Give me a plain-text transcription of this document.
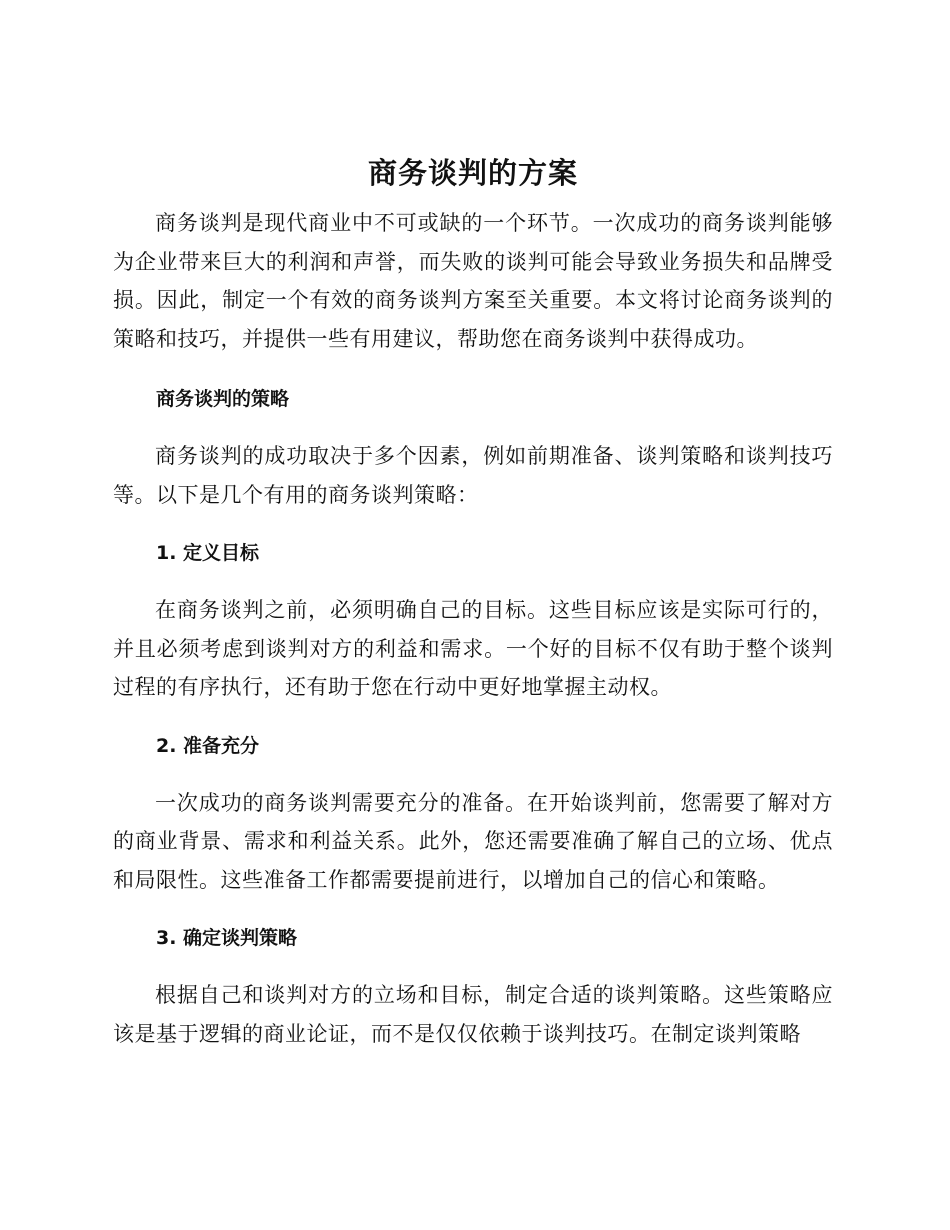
商务谈判的方案

商务谈判是现代商业中不可或缺的一个环节。一次成功的商务谈判能够为企业带来巨大的利润和声誉，而失败的谈判可能会导致业务损失和品牌受损。因此，制定一个有效的商务谈判方案至关重要。本文将讨论商务谈判的策略和技巧，并提供一些有用建议，帮助您在商务谈判中获得成功。

商务谈判的策略

商务谈判的成功取决于多个因素，例如前期准备、谈判策略和谈判技巧等。以下是几个有用的商务谈判策略：

1. 定义目标

在商务谈判之前，必须明确自己的目标。这些目标应该是实际可行的，并且必须考虑到谈判对方的利益和需求。一个好的目标不仅有助于整个谈判过程的有序执行，还有助于您在行动中更好地掌握主动权。

2. 准备充分

一次成功的商务谈判需要充分的准备。在开始谈判前，您需要了解对方的商业背景、需求和利益关系。此外，您还需要准确了解自己的立场、优点和局限性。这些准备工作都需要提前进行，以增加自己的信心和策略。

3. 确定谈判策略

根据自己和谈判对方的立场和目标，制定合适的谈判策略。这些策略应该是基于逻辑的商业论证，而不是仅仅依赖于谈判技巧。在制定谈判策略
